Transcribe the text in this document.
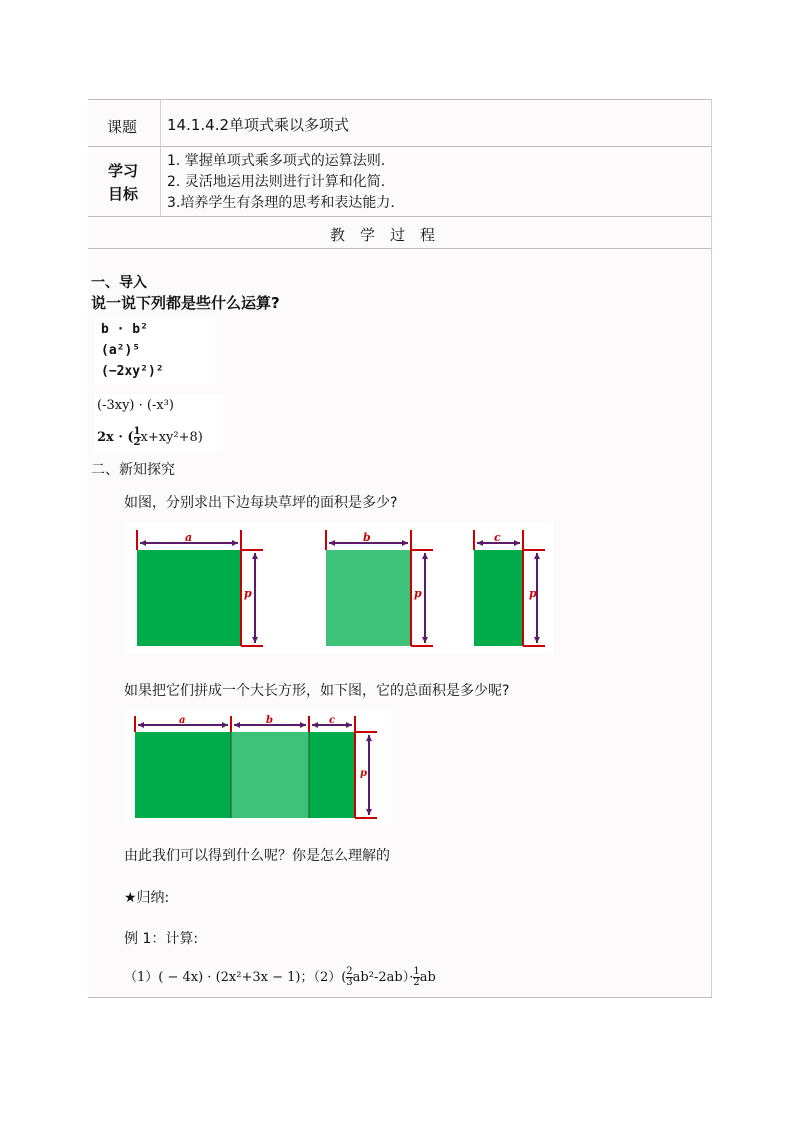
课题 14.1.4.2单项式乘以多项式
学习
目标
1. 掌握单项式乘多项式的运算法则.
2. 灵活地运用法则进行计算和化简.
3.培养学生有条理的思考和表达能力.
教　学　过　程
一、导入
说一说下列都是些什么运算?
b · b²
(a²)⁵
(−2xy²)²
(-3xy) · (-x³)
2x · ( $\frac{1}{2} x+xy^2+8$)
二、新知探究
如图，分别求出下边每块草坪的面积是多少?
a
p
b
p
c
p
如果把它们拼成一个大长方形，如下图，它的总面积是多少呢?
a	b	c
p
由此我们可以得到什么呢？你是怎么理解的
★归纳:
例 1：计算:
（1）( − 4x) · (2x²+3x − 1)；$(2)( \frac{2}{3} ab^2-2ab)\cdot \frac{1}{2}$ ab
